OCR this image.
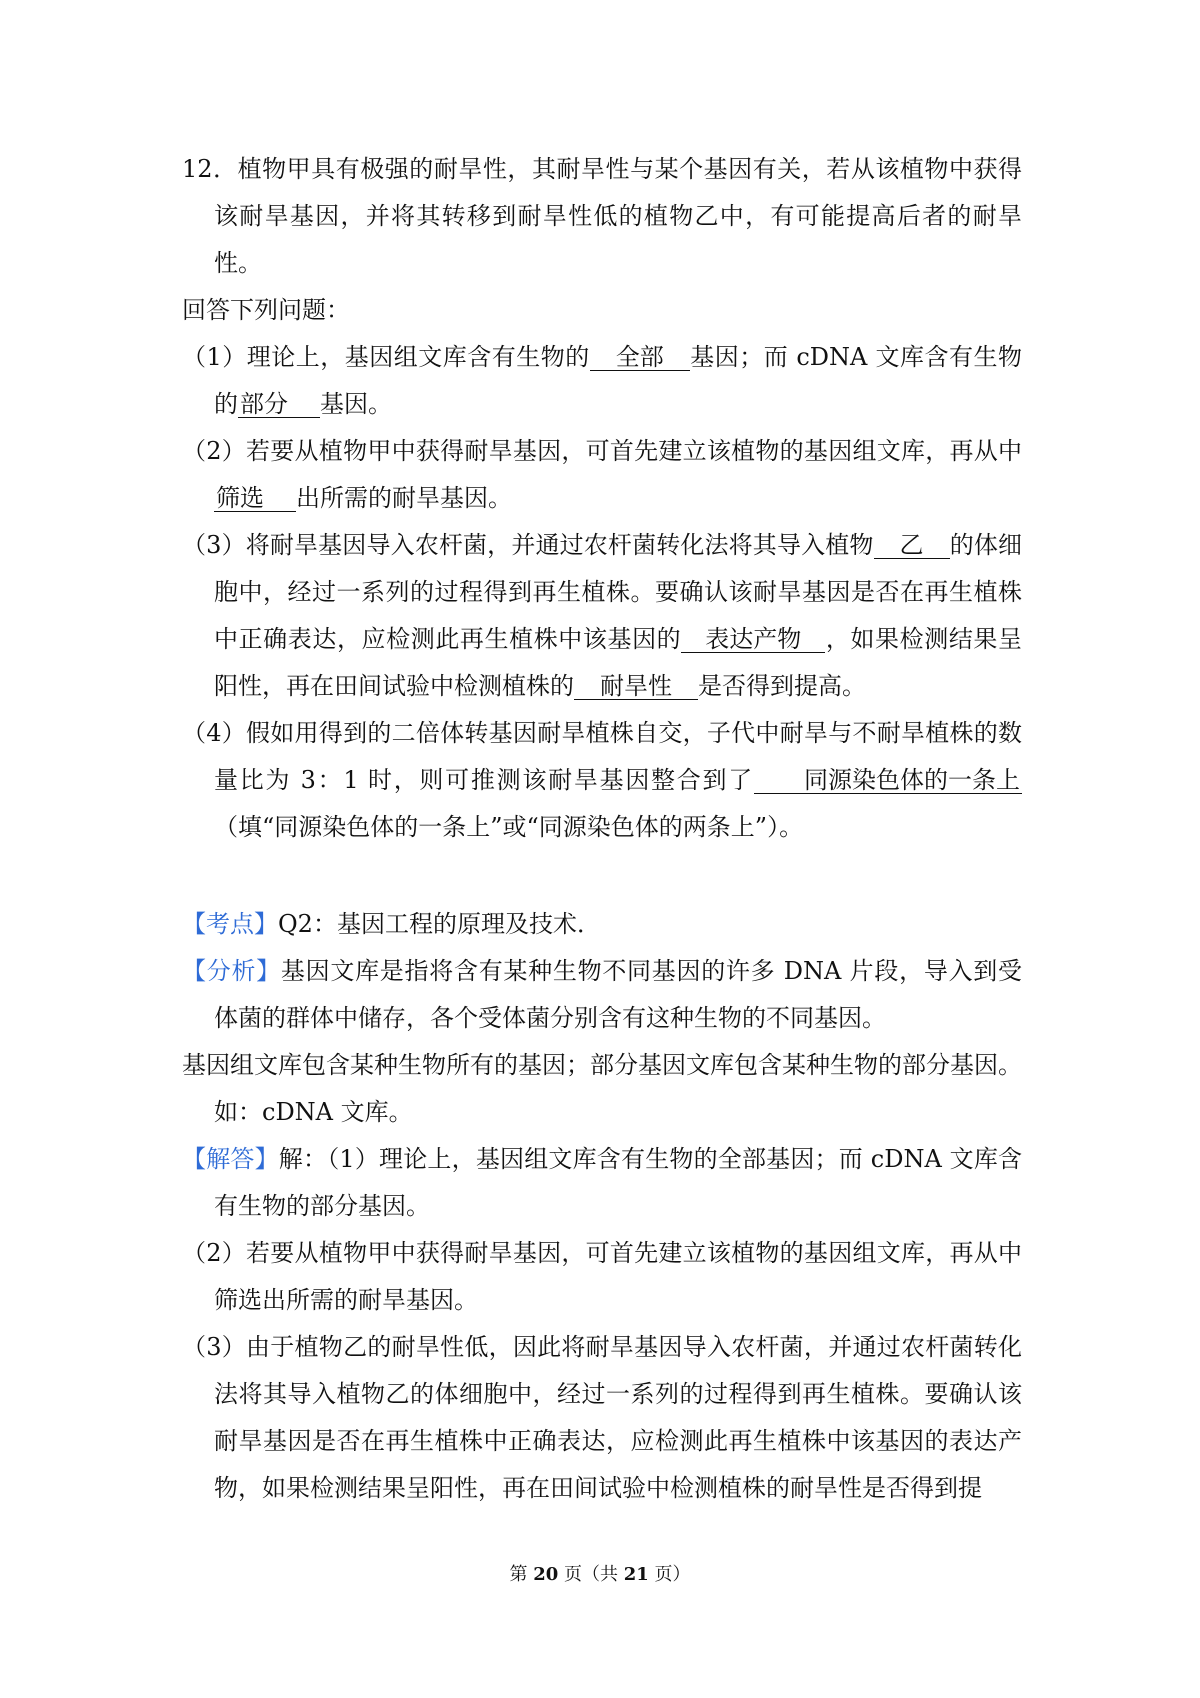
12．植物甲具有极强的耐旱性，其耐旱性与某个基因有关，若从该植物中获得该耐旱基因，并将其转移到耐旱性低的植物乙中，有可能提高后者的耐旱性。

回答下列问题：

（1）理论上，基因组文库含有生物的 全部 基因；而 cDNA 文库含有生物的部分 基因。

（2）若要从植物甲中获得耐旱基因，可首先建立该植物的基因组文库，再从中筛选 出所需的耐旱基因。

（3）将耐旱基因导入农杆菌，并通过农杆菌转化法将其导入植物 乙 的体细胞中，经过一系列的过程得到再生植株。要确认该耐旱基因是否在再生植株中正确表达，应检测此再生植株中该基因的 表达产物 ，如果检测结果呈阳性，再在田间试验中检测植株的 耐旱性 是否得到提高。

（4）假如用得到的二倍体转基因耐旱植株自交，子代中耐旱与不耐旱植株的数量比为 3：1 时，则可推测该耐旱基因整合到了 同源染色体的一条上（填“同源染色体的一条上”或“同源染色体的两条上”）。

【考点】Q2：基因工程的原理及技术．

【分析】基因文库是指将含有某种生物不同基因的许多 DNA 片段，导入到受体菌的群体中储存，各个受体菌分别含有这种生物的不同基因。

基因组文库包含某种生物所有的基因；部分基因文库包含某种生物的部分基因。如：cDNA 文库。

【解答】解：（1）理论上，基因组文库含有生物的全部基因；而 cDNA 文库含有生物的部分基因。

（2）若要从植物甲中获得耐旱基因，可首先建立该植物的基因组文库，再从中筛选出所需的耐旱基因。

（3）由于植物乙的耐旱性低，因此将耐旱基因导入农杆菌，并通过农杆菌转化法将其导入植物乙的体细胞中，经过一系列的过程得到再生植株。要确认该耐旱基因是否在再生植株中正确表达，应检测此再生植株中该基因的表达产物，如果检测结果呈阳性，再在田间试验中检测植株的耐旱性是否得到提

第 20 页（共 21 页）
